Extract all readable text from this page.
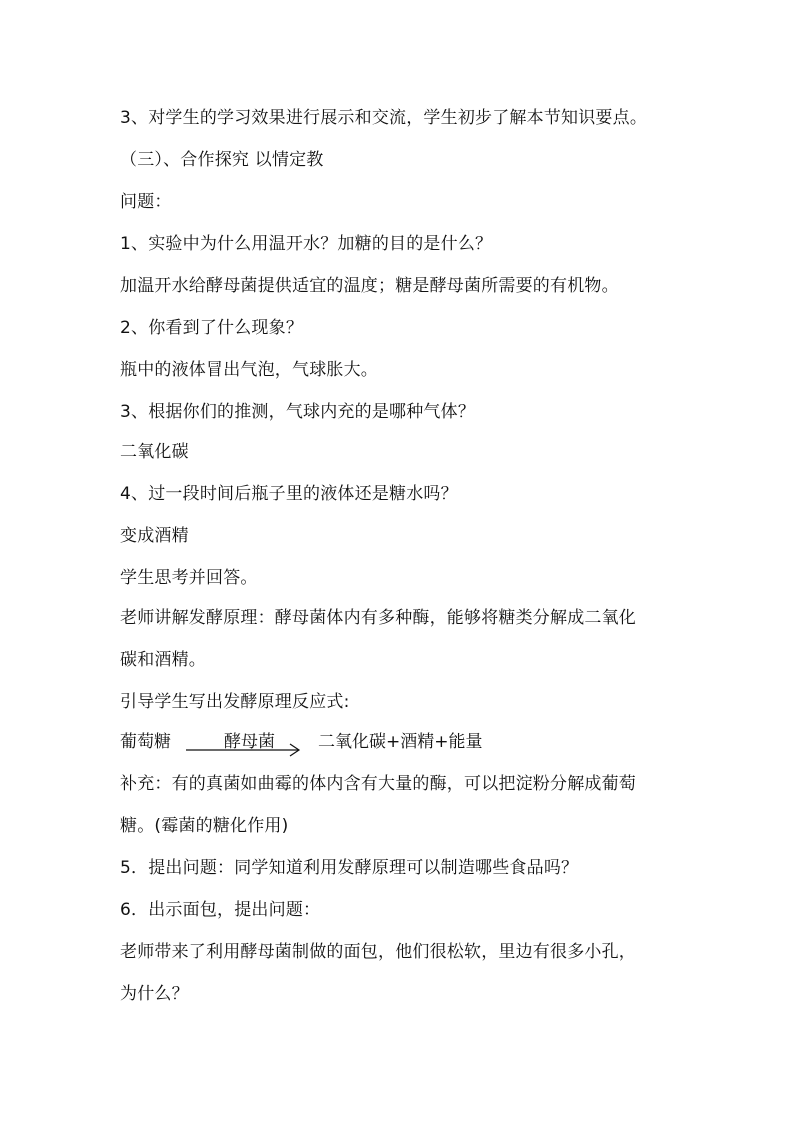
3、对学生的学习效果进行展示和交流，学生初步了解本节知识要点。
（三）、合作探究 以情定教
问题：
1、实验中为什么用温开水？加糖的目的是什么？
加温开水给酵母菌提供适宜的温度；糖是酵母菌所需要的有机物。
2、你看到了什么现象？
瓶中的液体冒出气泡，气球胀大。
3、根据你们的推测，气球内充的是哪种气体？
二氧化碳
4、过一段时间后瓶子里的液体还是糖水吗？
变成酒精
学生思考并回答。
老师讲解发酵原理：酵母菌体内有多种酶，能够将糖类分解成二氧化
碳和酒精。
引导学生写出发酵原理反应式:
葡萄糖	酵母菌	二氧化碳+酒精+能量
补充：有的真菌如曲霉的体内含有大量的酶，可以把淀粉分解成葡萄
糖。(霉菌的糖化作用)
5．提出问题：同学知道利用发酵原理可以制造哪些食品吗？
6．出示面包，提出问题：
老师带来了利用酵母菌制做的面包，他们很松软，里边有很多小孔，
为什么？
